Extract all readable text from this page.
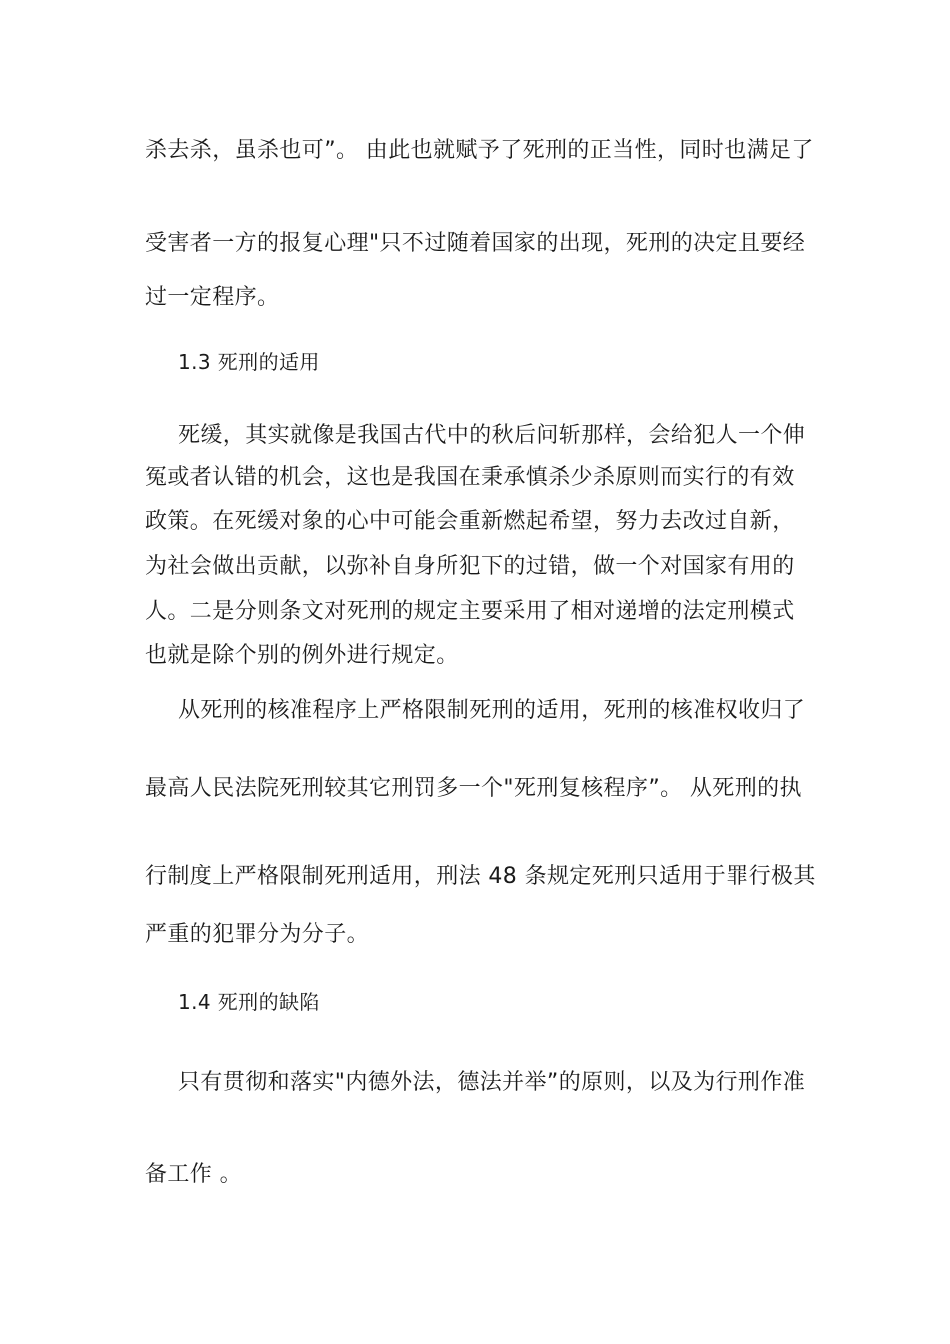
杀去杀，虽杀也可”。 由此也就赋予了死刑的正当性，同时也满足了
受害者一方的报复心理"只不过随着国家的出现，死刑的决定且要经
过一定程序。
1.3 死刑的适用
死缓，其实就像是我国古代中的秋后问斩那样，会给犯人一个伸
冤或者认错的机会，这也是我国在秉承慎杀少杀原则而实行的有效
政策。在死缓对象的心中可能会重新燃起希望，努力去改过自新，
为社会做出贡献，以弥补自身所犯下的过错，做一个对国家有用的
人。二是分则条文对死刑的规定主要采用了相对递增的法定刑模式
也就是除个别的例外进行规定。
从死刑的核准程序上严格限制死刑的适用，死刑的核准权收归了
最高人民法院死刑较其它刑罚多一个"死刑复核程序”。 从死刑的执
行制度上严格限制死刑适用，刑法 48 条规定死刑只适用于罪行极其
严重的犯罪分为分子。
1.4 死刑的缺陷
只有贯彻和落实"内德外法，德法并举”的原则，以及为行刑作准
备工作 。
